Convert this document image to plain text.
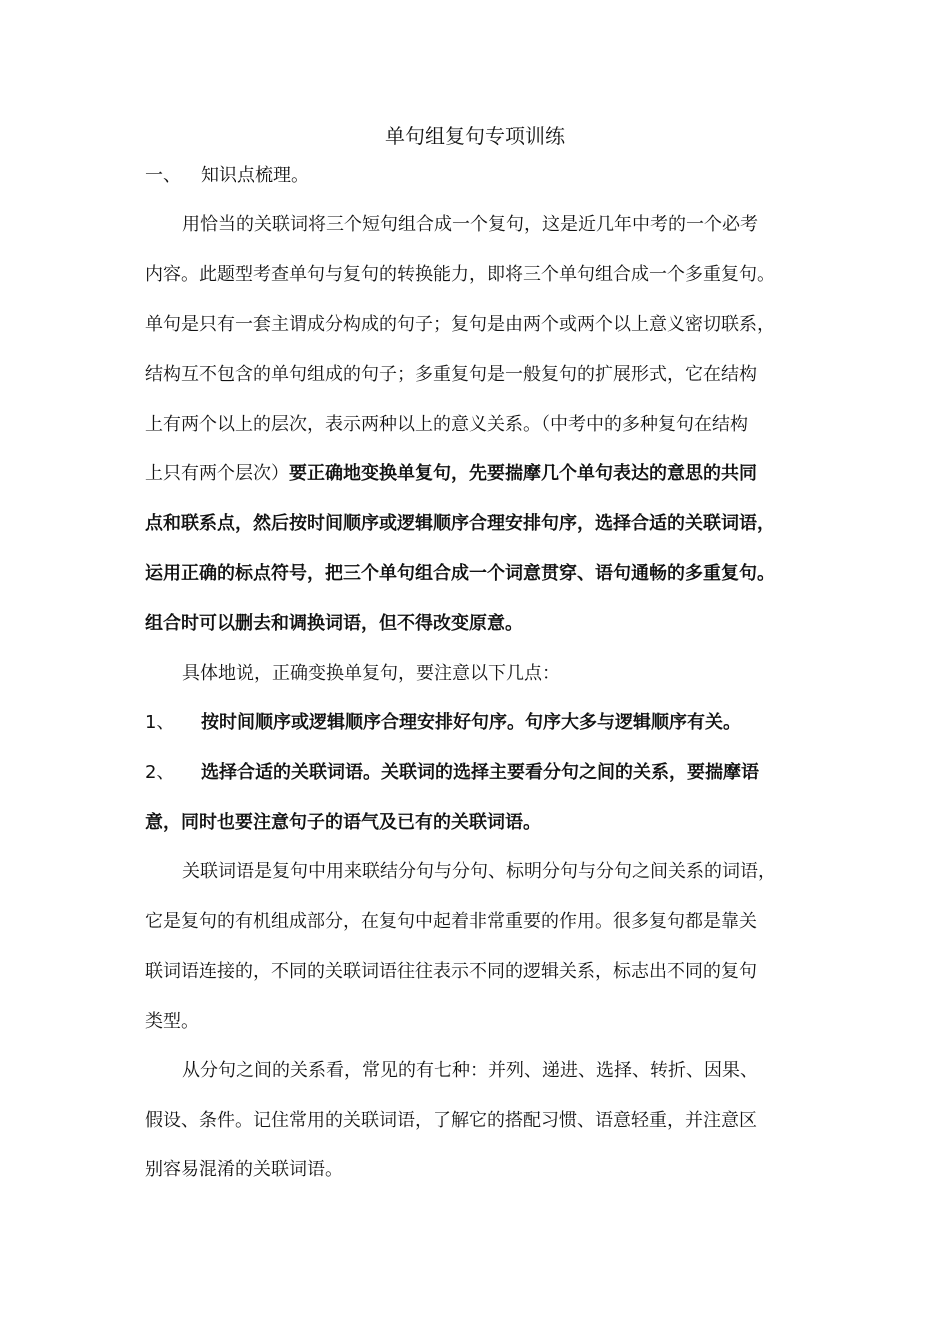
单句组复句专项训练
一、 知识点梳理。
用恰当的关联词将三个短句组合成一个复句，这是近几年中考的一个必考
内容。此题型考查单句与复句的转换能力，即将三个单句组合成一个多重复句。
单句是只有一套主谓成分构成的句子；复句是由两个或两个以上意义密切联系，
结构互不包含的单句组成的句子；多重复句是一般复句的扩展形式，它在结构
上有两个以上的层次，表示两种以上的意义关系。（中考中的多种复句在结构
上只有两个层次）要正确地变换单复句，先要揣摩几个单句表达的意思的共同
点和联系点，然后按时间顺序或逻辑顺序合理安排句序，选择合适的关联词语，
运用正确的标点符号，把三个单句组合成一个词意贯穿、语句通畅的多重复句。
组合时可以删去和调换词语，但不得改变原意。
具体地说，正确变换单复句，要注意以下几点：
1、 按时间顺序或逻辑顺序合理安排好句序。句序大多与逻辑顺序有关。
2、 选择合适的关联词语。关联词的选择主要看分句之间的关系，要揣摩语
意，同时也要注意句子的语气及已有的关联词语。
关联词语是复句中用来联结分句与分句、标明分句与分句之间关系的词语，
它是复句的有机组成部分，在复句中起着非常重要的作用。很多复句都是靠关
联词语连接的，不同的关联词语往往表示不同的逻辑关系，标志出不同的复句
类型。
从分句之间的关系看，常见的有七种：并列、递进、选择、转折、因果、
假设、条件。记住常用的关联词语，了解它的搭配习惯、语意轻重，并注意区
别容易混淆的关联词语。
